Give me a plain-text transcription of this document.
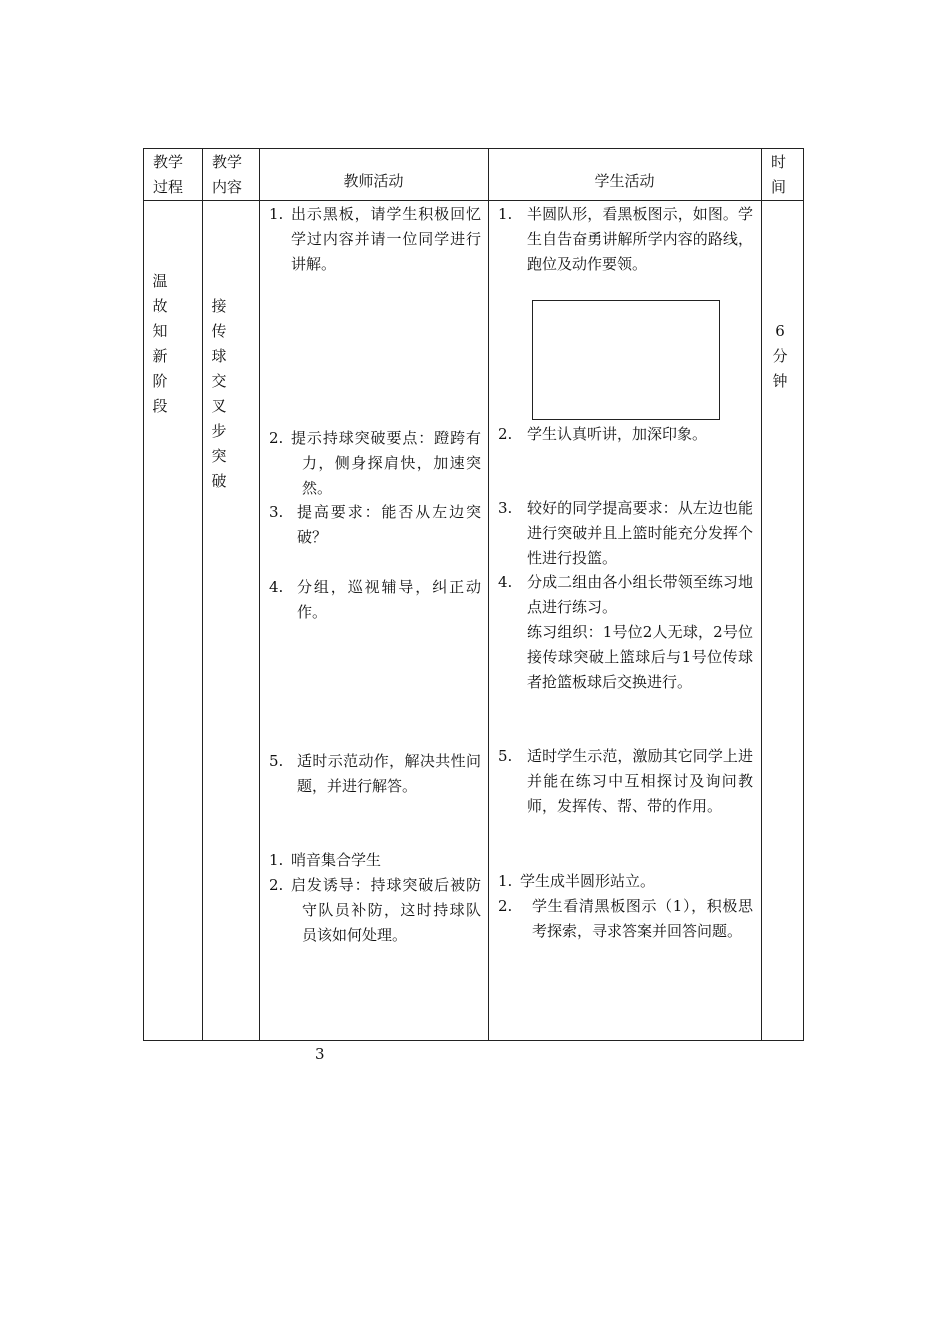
教学
过程
教学
内容	教师活动	学生活动
时
间
温
故
知
新
阶
段
接
传
球
交
叉
步
突
破
6
分
钟
1. 出示黑板，请学生积极回忆学过内容并请一位同学进行讲解。
2. 提示持球突破要点：蹬跨有力，侧身探肩快，加速突然。
3. 提高要求：能否从左边突破？
4. 分组，巡视辅导，纠正动作。
5. 适时示范动作，解决共性问题，并进行解答。
1. 哨音集合学生
2. 启发诱导：持球突破后被防守队员补防，这时持球队员该如何处理。
1. 半圆队形，看黑板图示，如图。学生自告奋勇讲解所学内容的路线，跑位及动作要领。
2. 学生认真听讲，加深印象。
3. 较好的同学提高要求：从左边也能进行突破并且上篮时能充分发挥个性进行投篮。
4. 分成二组由各小组长带领至练习地点进行练习。
练习组织：1号位2人无球，2号位接传球突破上篮球后与1号位传球者抢篮板球后交换进行。
5. 适时学生示范，激励其它同学上进并能在练习中互相探讨及询问教师，发挥传、帮、带的作用。
1. 学生成半圆形站立。
2. 学生看清黑板图示（1），积极思考探索，寻求答案并回答问题。
3
